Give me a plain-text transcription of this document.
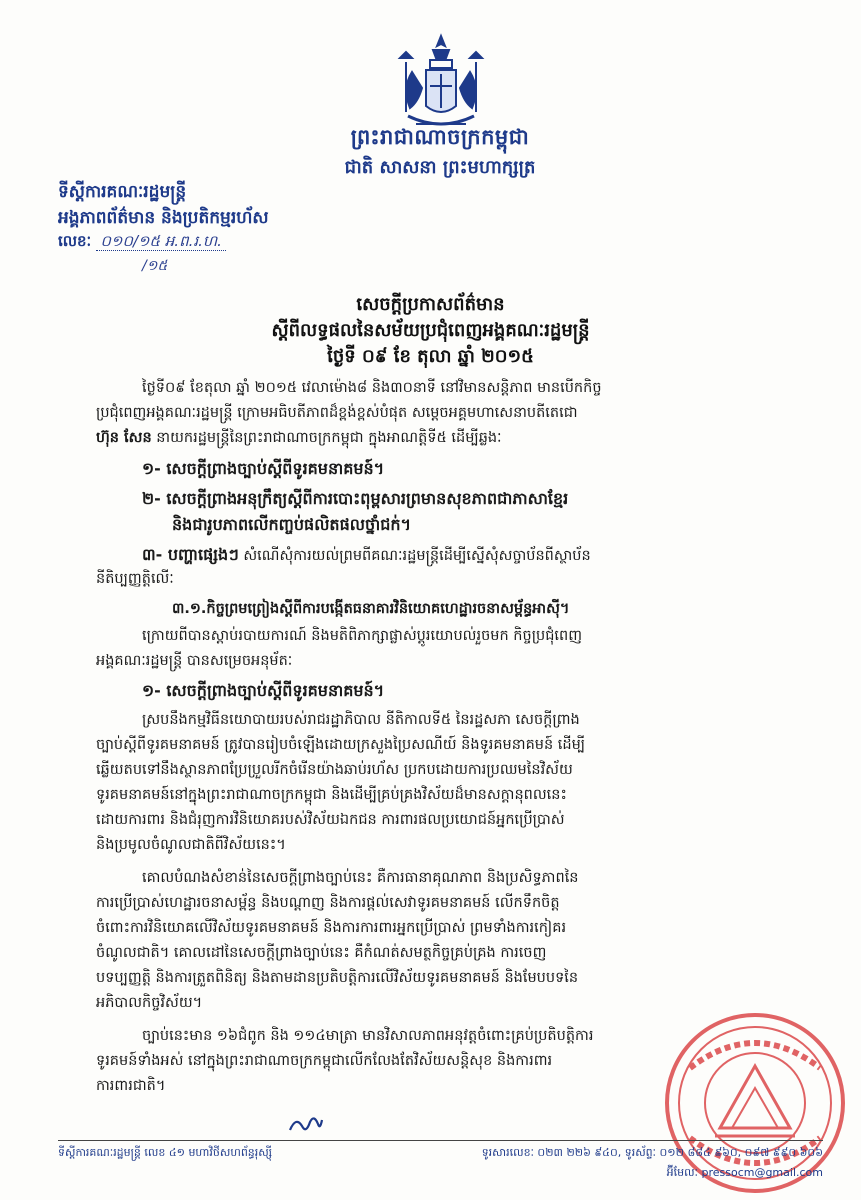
ព្រះរាជាណាចក្រកម្ពុជា
ជាតិ សាសនា ព្រះមហាក្សត្រ
ទីស្ដីការគណៈរដ្ឋមន្ត្រី
អង្គភាពព័ត៌មាន និងប្រតិកម្មរហ័ស
លេខៈ ០១០/១៥ អ.ព.រ.ហ.
/១៥
សេចក្ដីប្រកាសព័ត៌មាន
ស្ដីពីលទ្ធផលនៃសម័យប្រជុំពេញអង្គគណៈរដ្ឋមន្ត្រី
ថ្ងៃទី ០៩ ខែ តុលា ឆ្នាំ ២០១៥
ថ្ងៃទី០៩ ខែតុលា ឆ្នាំ ២០១៥ វេលាម៉ោង៨ និង៣០នាទី នៅវិមានសន្ដិភាព មានបើកកិច្ច
ប្រជុំពេញអង្គគណៈរដ្ឋមន្ត្រី ក្រោមអធិបតីភាពដ៏ខ្ពង់ខ្ពស់បំផុត សម្ដេចអគ្គមហាសេនាបតីតេជោ
ហ៊ុន សែន នាយករដ្ឋមន្ត្រីនៃព្រះរាជាណាចក្រកម្ពុជា ក្នុងអាណត្តិទី៥ ដើម្បីឆ្លងៈ
១- សេចក្ដីព្រាងច្បាប់ស្ដីពីទូរគមនាគមន៍។
២- សេចក្ដីព្រាងអនុក្រឹត្យស្ដីពីការបោះពុម្ពសារព្រមានសុខភាពជាភាសាខ្មែរ
និងជារូបភាពលើកញ្ចប់ផលិតផលថ្នាំជក់។
៣- បញ្ហាផ្សេងៗ សំណើសុំការយល់ព្រមពីគណៈរដ្ឋមន្ត្រីដើម្បីស្នើសុំសច្ចាប័នពីស្ថាប័ន
នីតិប្បញ្ញត្តិលើៈ
៣.១.កិច្ចព្រមព្រៀងស្ដីពីការបង្កើតធនាគារវិនិយោគហេដ្ឋារចនាសម្ព័ន្ធអាស៊ី។
ក្រោយពីបានស្ដាប់របាយការណ៍ និងមតិពិភាក្សាផ្លាស់ប្ដូរយោបល់រួចមក កិច្ចប្រជុំពេញ
អង្គគណៈរដ្ឋមន្ត្រី បានសម្រេចអនុម័តៈ
១- សេចក្ដីព្រាងច្បាប់ស្ដីពីទូរគមនាគមន៍។
ស្របនឹងកម្មវិធីនយោបាយរបស់រាជរដ្ឋាភិបាល នីតិកាលទី៥ នៃរដ្ឋសភា សេចក្ដីព្រាង
ច្បាប់ស្ដីពីទូរគមនាគមន៍ ត្រូវបានរៀបចំឡើងដោយក្រសួងប្រៃសណីយ៍ និងទូរគមនាគមន៍ ដើម្បី
ឆ្លើយតបទៅនឹងស្ថានភាពប្រែប្រួលរីកចំរើនយ៉ាងឆាប់រហ័ស ប្រកបដោយការប្រឈមនៃវិស័យ
ទូរគមនាគមន៍នៅក្នុងព្រះរាជាណាចក្រកម្ពុជា និងដើម្បីគ្រប់គ្រងវិស័យដ៏មានសក្ដានុពលនេះ
ដោយការពារ និងជំរុញការវិនិយោគរបស់វិស័យឯកជន ការពារផលប្រយោជន៍អ្នកប្រើប្រាស់
និងប្រមូលចំណូលជាតិពីវិស័យនេះ។
គោលបំណងសំខាន់នៃសេចក្ដីព្រាងច្បាប់នេះ គឺការធានាគុណភាព និងប្រសិទ្ធភាពនៃ
ការប្រើប្រាស់ហេដ្ឋារចនាសម្ព័ន្ធ និងបណ្ដាញ និងការផ្ដល់សេវាទូរគមនាគមន៍ លើកទឹកចិត្ត
ចំពោះការវិនិយោគលើវិស័យទូរគមនាគមន៍ និងការការពារអ្នកប្រើប្រាស់ ព្រមទាំងការកៀគរ
ចំណូលជាតិ។ គោលដៅនៃសេចក្ដីព្រាងច្បាប់នេះ គឺកំណត់សមត្ថកិច្ចគ្រប់គ្រង ការចេញ
បទប្បញ្ញត្តិ និងការត្រួតពិនិត្យ និងតាមដានប្រតិបត្តិការលើវិស័យទូរគមនាគមន៍ និងមែបបទនៃ
អភិបាលកិច្ចវិស័យ។
ច្បាប់នេះមាន ១៦ជំពូក និង ១១៤មាត្រា មានវិសាលភាពអនុវត្តចំពោះគ្រប់ប្រតិបត្តិការ
ទូរគមន៍ទាំងអស់ នៅក្នុងព្រះរាជាណាចក្រកម្ពុជាលើកលែងតែវិស័យសន្ដិសុខ និងការពារ
ការពារជាតិ។
ទីស្ដីការគណៈរដ្ឋមន្ត្រី លេខ ៤១ មហាវិថីសហព័ន្ធរុស្ស៊ី	ទូរសារលេខៈ ០២៣ ២២៦ ៩៤០, ទូរស័ព្ទៈ ០១២ ៨៨៤ ៩៦០, ០៩៧ ៩៩០ ៦០៦
អ៊ីមែលៈ pressocm@gmail.com
